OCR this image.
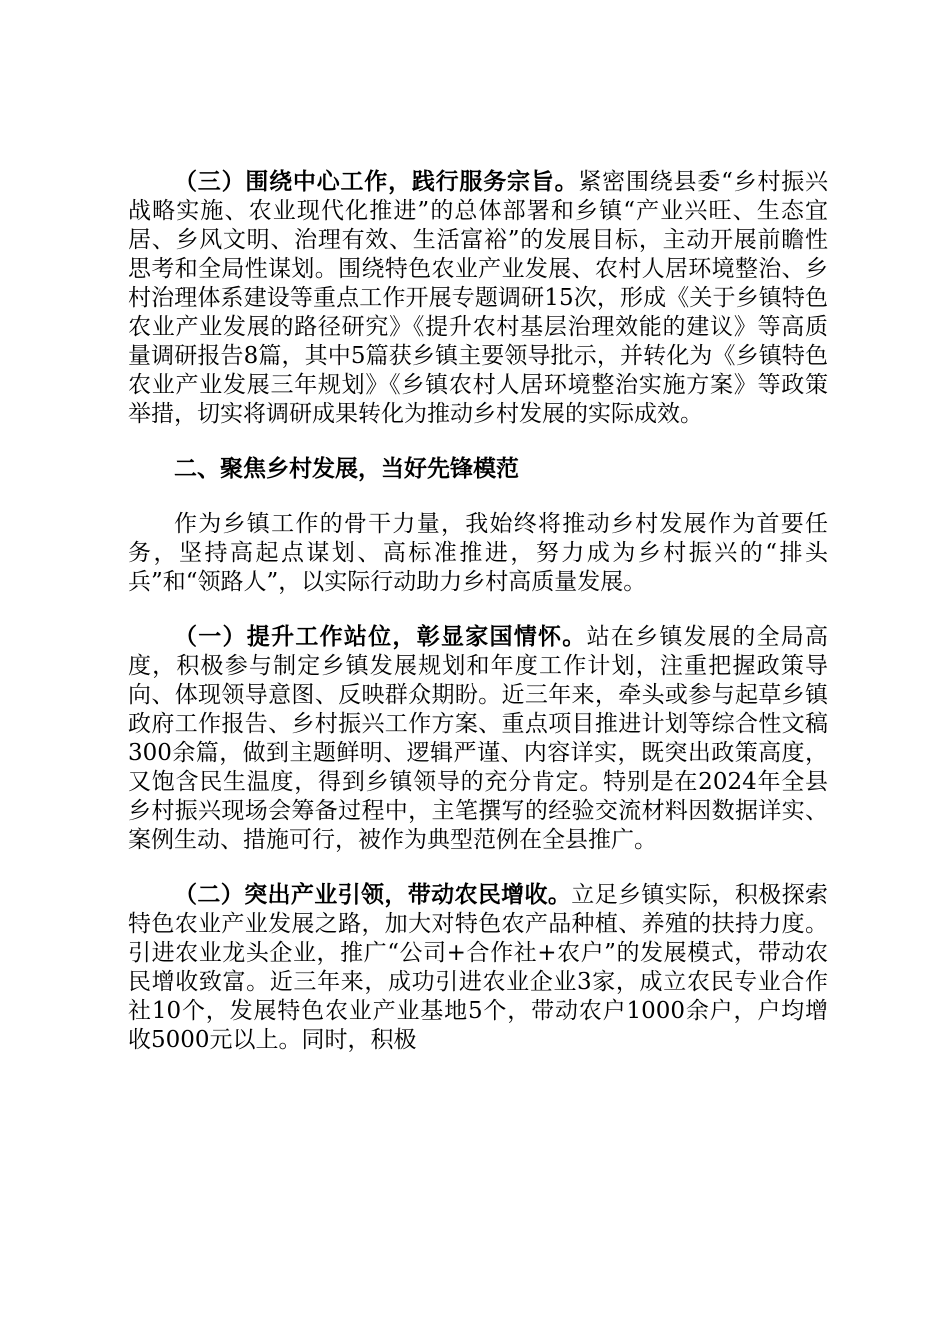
（三）围绕中心工作，践行服务宗旨。紧密围绕县委“乡村振兴战略实施、农业现代化推进”的总体部署和乡镇“产业兴旺、生态宜居、乡风文明、治理有效、生活富裕”的发展目标，主动开展前瞻性思考和全局性谋划。围绕特色农业产业发展、农村人居环境整治、乡村治理体系建设等重点工作开展专题调研15次，形成《关于乡镇特色农业产业发展的路径研究》《提升农村基层治理效能的建议》等高质量调研报告8篇，其中5篇获乡镇主要领导批示，并转化为《乡镇特色农业产业发展三年规划》《乡镇农村人居环境整治实施方案》等政策举措，切实将调研成果转化为推动乡村发展的实际成效。

二、聚焦乡村发展，当好先锋模范

作为乡镇工作的骨干力量，我始终将推动乡村发展作为首要任务，坚持高起点谋划、高标准推进，努力成为乡村振兴的“排头兵”和“领路人”，以实际行动助力乡村高质量发展。

（一）提升工作站位，彰显家国情怀。站在乡镇发展的全局高度，积极参与制定乡镇发展规划和年度工作计划，注重把握政策导向、体现领导意图、反映群众期盼。近三年来，牵头或参与起草乡镇政府工作报告、乡村振兴工作方案、重点项目推进计划等综合性文稿300余篇，做到主题鲜明、逻辑严谨、内容详实，既突出政策高度，又饱含民生温度，得到乡镇领导的充分肯定。特别是在2024年全县乡村振兴现场会筹备过程中，主笔撰写的经验交流材料因数据详实、案例生动、措施可行，被作为典型范例在全县推广。

（二）突出产业引领，带动农民增收。立足乡镇实际，积极探索特色农业产业发展之路，加大对特色农产品种植、养殖的扶持力度。引进农业龙头企业，推广“公司+合作社+农户”的发展模式，带动农民增收致富。近三年来，成功引进农业企业3家，成立农民专业合作社10个，发展特色农业产业基地5个，带动农户1000余户，户均增收5000元以上。同时，积极
